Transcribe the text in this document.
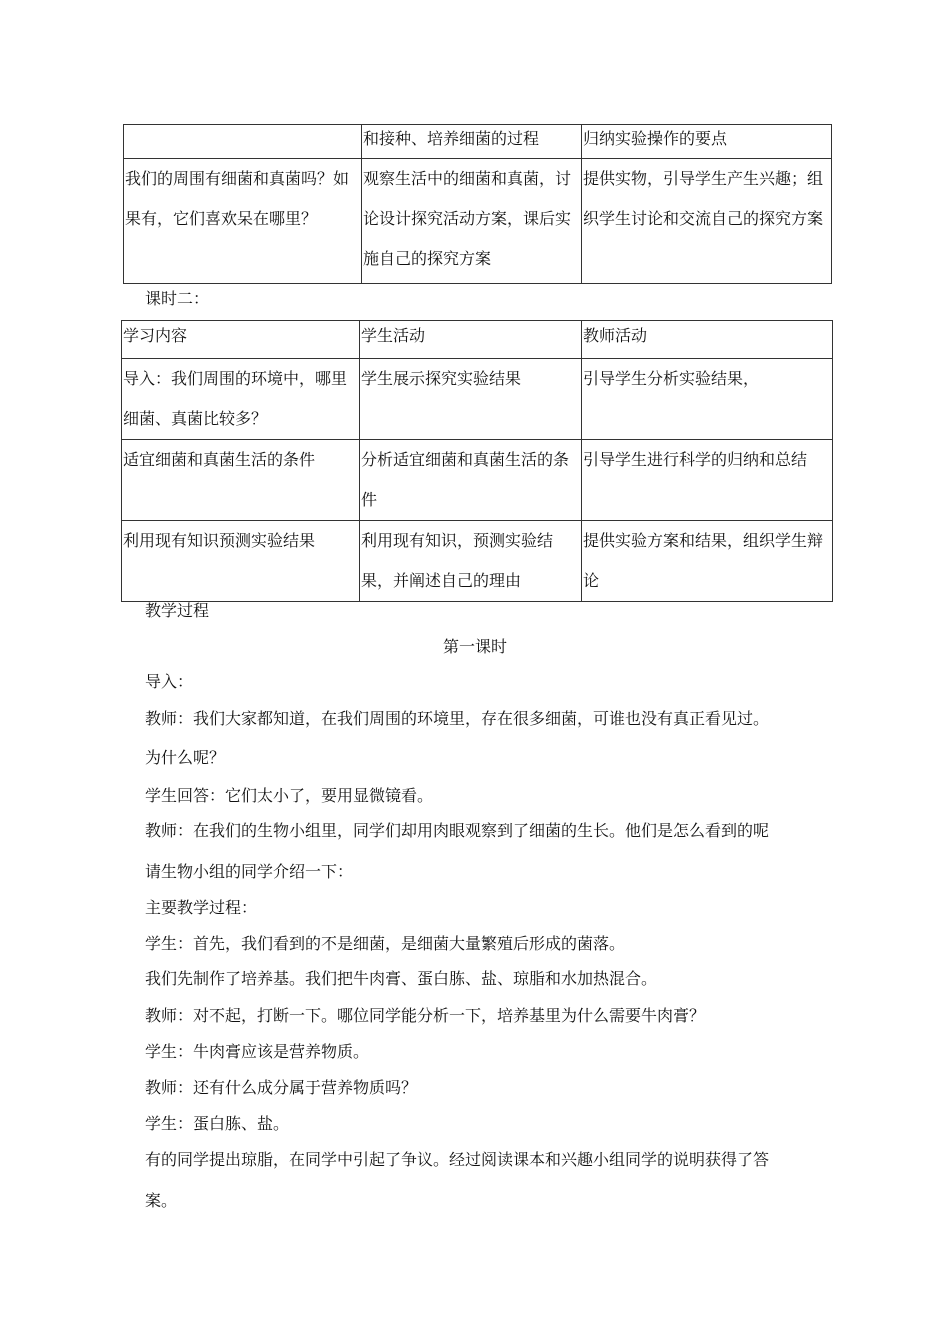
	和接种、培养细菌的过程	归纳实验操作的要点
我们的周围有细菌和真菌吗？如果有，它们喜欢呆在哪里？	观察生活中的细菌和真菌，讨论设计探究活动方案，课后实施自己的探究方案	提供实物，引导学生产生兴趣；组织学生讨论和交流自己的探究方案
课时二：
学习内容	学生活动	教师活动
导入：我们周围的环境中，哪里细菌、真菌比较多？	学生展示探究实验结果	引导学生分析实验结果，
适宜细菌和真菌生活的条件	分析适宜细菌和真菌生活的条件	引导学生进行科学的归纳和总结
利用现有知识预测实验结果	利用现有知识，预测实验结果，并阐述自己的理由	提供实验方案和结果，组织学生辩论
教学过程
第一课时
导入：
教师：我们大家都知道，在我们周围的环境里，存在很多细菌，可谁也没有真正看见过。
为什么呢？
学生回答：它们太小了，要用显微镜看。
教师：在我们的生物小组里，同学们却用肉眼观察到了细菌的生长。他们是怎么看到的呢
请生物小组的同学介绍一下：
主要教学过程：
学生：首先，我们看到的不是细菌，是细菌大量繁殖后形成的菌落。
我们先制作了培养基。我们把牛肉膏、蛋白胨、盐、琼脂和水加热混合。
教师：对不起，打断一下。哪位同学能分析一下，培养基里为什么需要牛肉膏？
学生：牛肉膏应该是营养物质。
教师：还有什么成分属于营养物质吗？
学生：蛋白胨、盐。
有的同学提出琼脂，在同学中引起了争议。经过阅读课本和兴趣小组同学的说明获得了答
案。
